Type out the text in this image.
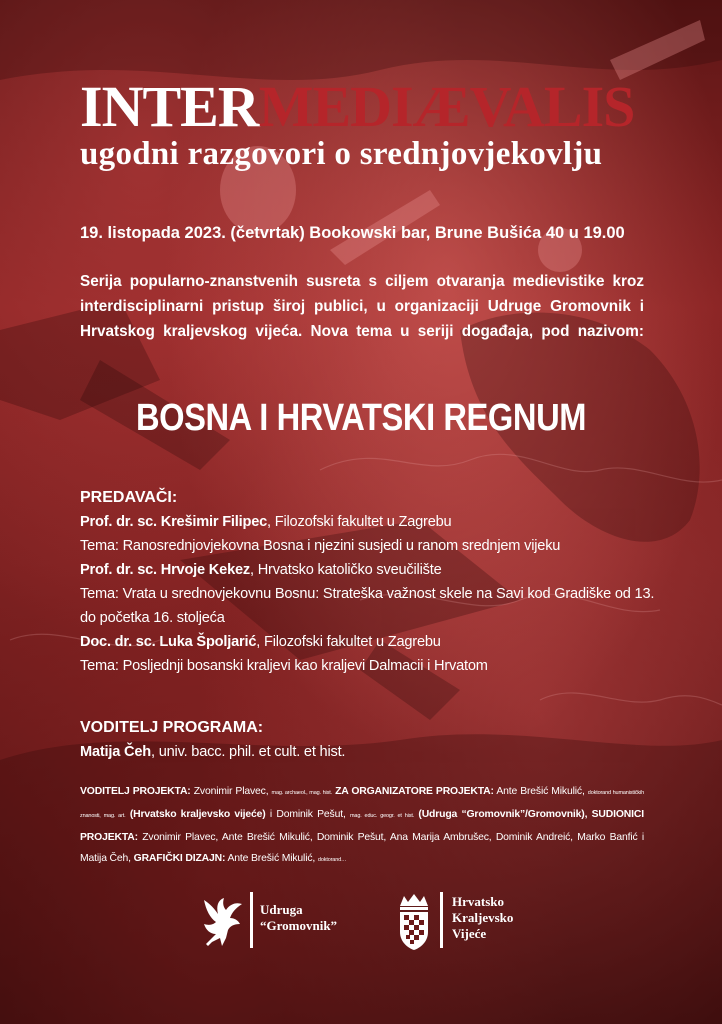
INTERMEDIÆVALIS
ugodni razgovori o srednjovjekovlju
19. listopada 2023. (četvrtak) Bookowski bar, Brune Bušića 40 u 19.00
Serija popularno-znanstvenih susreta s ciljem otvaranja medievistike kroz
interdisciplinarni pristup široj publici, u organizaciji Udruge Gromovnik i
Hrvatskog kraljevskog vijeća. Nova tema u seriji događaja, pod nazivom:
BOSNA I HRVATSKI REGNUM
PREDAVAČI:
Prof. dr. sc. Krešimir Filipec, Filozofski fakultet u Zagrebu
Tema: Ranosrednjovjekovna Bosna i njezini susjedi u ranom srednjem vijeku
Prof. dr. sc. Hrvoje Kekez, Hrvatsko katoličko sveučilište
Tema: Vrata u srednovjekovnu Bosnu: Strateška važnost skele na Savi kod Gradiške od 13.
do početka 16. stoljeća
Doc. dr. sc. Luka Špoljarić, Filozofski fakultet u Zagrebu
Tema: Posljednji bosanski kraljevi kao kraljevi Dalmacii i Hrvatom
VODITELJ PROGRAMA:
Matija Čeh, univ. bacc. phil. et cult. et hist.
VODITELJ PROJEKTA: Zvonimir Plavec, mag. archaeol., mag. hist. ZA ORGANIZATORE PROJEKTA: Ante Brešić Mikulić, doktorand humanističkih znanosti, mag. art. (Hrvatsko kraljevsko vijeće) i Dominik Pešut, mag. educ. geogr. et hist. (Udruga “Gromovnik”/Gromovnik), SUDIONICI PROJEKTA: Zvonimir Plavec, Ante Brešić Mikulić, Dominik Pešut, Ana Marija Ambrušec, Dominik Andreić, Marko Banfić i Matija Čeh, GRAFIČKI DIZAJN: Ante Brešić Mikulić, doktorand…
Udruga
“Gromovnik”
Hrvatsko
Kraljevsko
Vijeće
